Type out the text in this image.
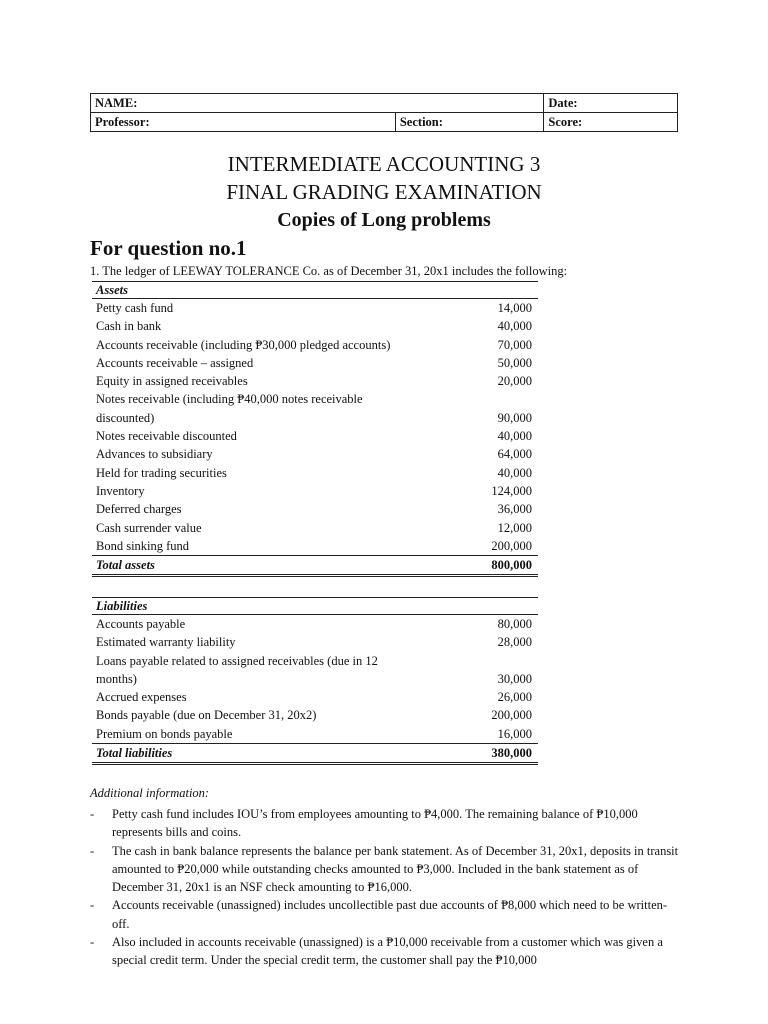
NAME:		Date:
Professor:	Section:	Score:
INTERMEDIATE ACCOUNTING 3
FINAL GRADING EXAMINATION
Copies of Long problems
For question no.1
1. The ledger of LEEWAY TOLERANCE Co. as of December 31, 20x1 includes the following:
Assets
Petty cash fund	14,000
Cash in bank	40,000
Accounts receivable (including ₱30,000 pledged accounts)	70,000
Accounts receivable – assigned	50,000
Equity in assigned receivables	20,000
Notes receivable (including ₱40,000 notes receivable
discounted)	90,000
Notes receivable discounted	40,000
Advances to subsidiary	64,000
Held for trading securities	40,000
Inventory	124,000
Deferred charges	36,000
Cash surrender value	12,000
Bond sinking fund	200,000
Total assets	800,000
Liabilities
Accounts payable	80,000
Estimated warranty liability	28,000
Loans payable related to assigned receivables (due in 12
months)	30,000
Accrued expenses	26,000
Bonds payable (due on December 31, 20x2)	200,000
Premium on bonds payable	16,000
Total liabilities	380,000
Additional information:
-	Petty cash fund includes IOU’s from employees amounting to ₱4,000. The remaining balance of ₱10,000 represents bills and coins.
-	The cash in bank balance represents the balance per bank statement. As of December 31, 20x1, deposits in transit amounted to ₱20,000 while outstanding checks amounted to ₱3,000. Included in the bank statement as of December 31, 20x1 is an NSF check amounting to ₱16,000.
-	Accounts receivable (unassigned) includes uncollectible past due accounts of ₱8,000 which need to be written-off.
-	Also included in accounts receivable (unassigned) is a ₱10,000 receivable from a customer which was given a special credit term. Under the special credit term, the customer shall pay the ₱10,000
